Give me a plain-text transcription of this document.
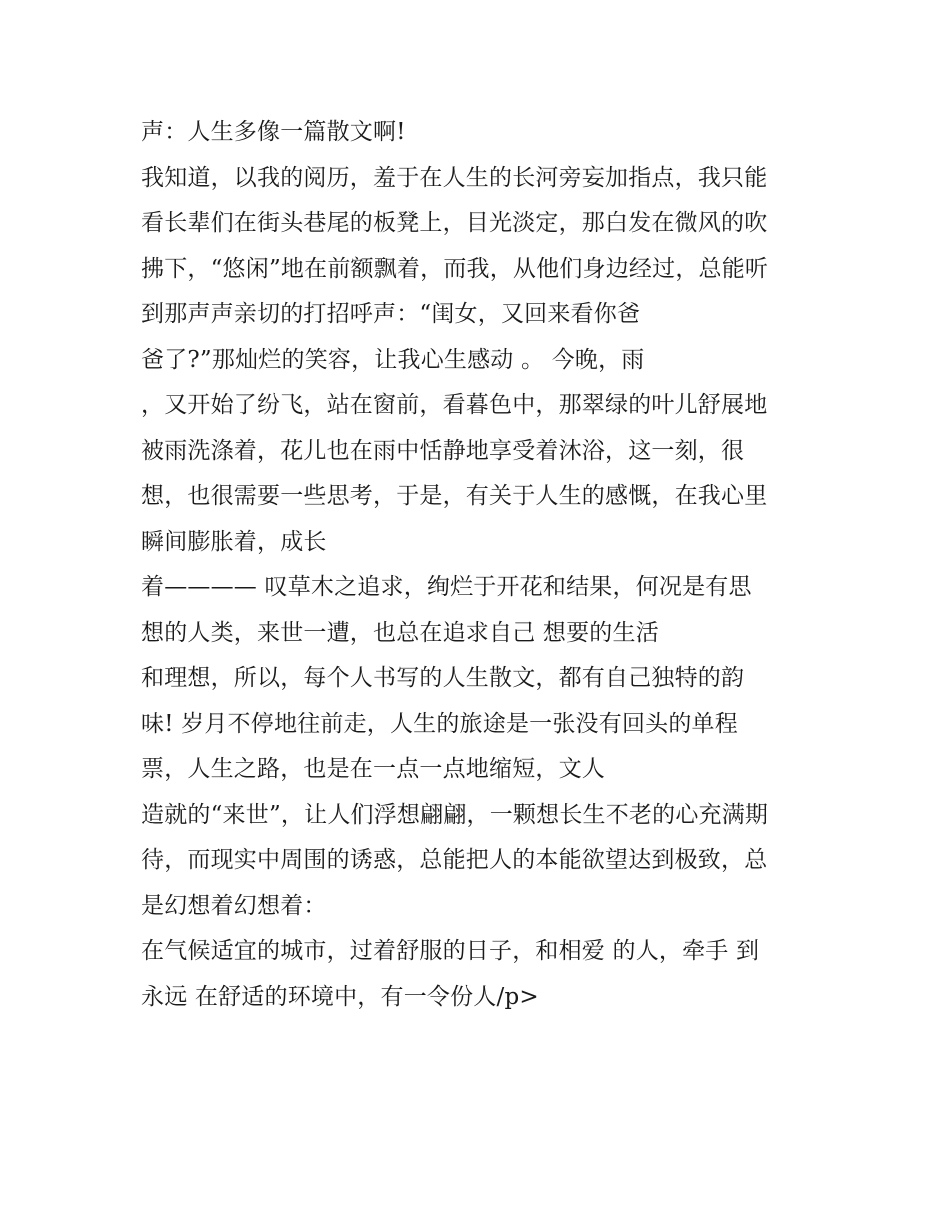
声：人生多像一篇散文啊!
我知道，以我的阅历，羞于在人生的长河旁妄加指点，我只能
看长辈们在街头巷尾的板凳上，目光淡定，那白发在微风的吹
拂下，“悠闲”地在前额飘着，而我，从他们身边经过，总能听
到那声声亲切的打招呼声：“闺女，又回来看你爸
爸了?”那灿烂的笑容，让我心生感动 。 今晚，雨
，又开始了纷飞，站在窗前，看暮色中，那翠绿的叶儿舒展地
被雨洗涤着，花儿也在雨中恬静地享受着沐浴，这一刻，很
想，也很需要一些思考，于是，有关于人生的感慨，在我心里
瞬间膨胀着，成长
着———— 叹草木之追求，绚烂于开花和结果，何况是有思
想的人类，来世一遭，也总在追求自己 想要的生活
和理想，所以，每个人书写的人生散文，都有自己独特的韵
味! 岁月不停地往前走，人生的旅途是一张没有回头的单程
票，人生之路，也是在一点一点地缩短，文人
造就的“来世”，让人们浮想翩翩，一颗想长生不老的心充满期
待，而现实中周围的诱惑，总能把人的本能欲望达到极致，总
是幻想着幻想着：
在气候适宜的城市，过着舒服的日子，和相爱 的人，牵手 到
永远 在舒适的环境中，有一令份人/p>
